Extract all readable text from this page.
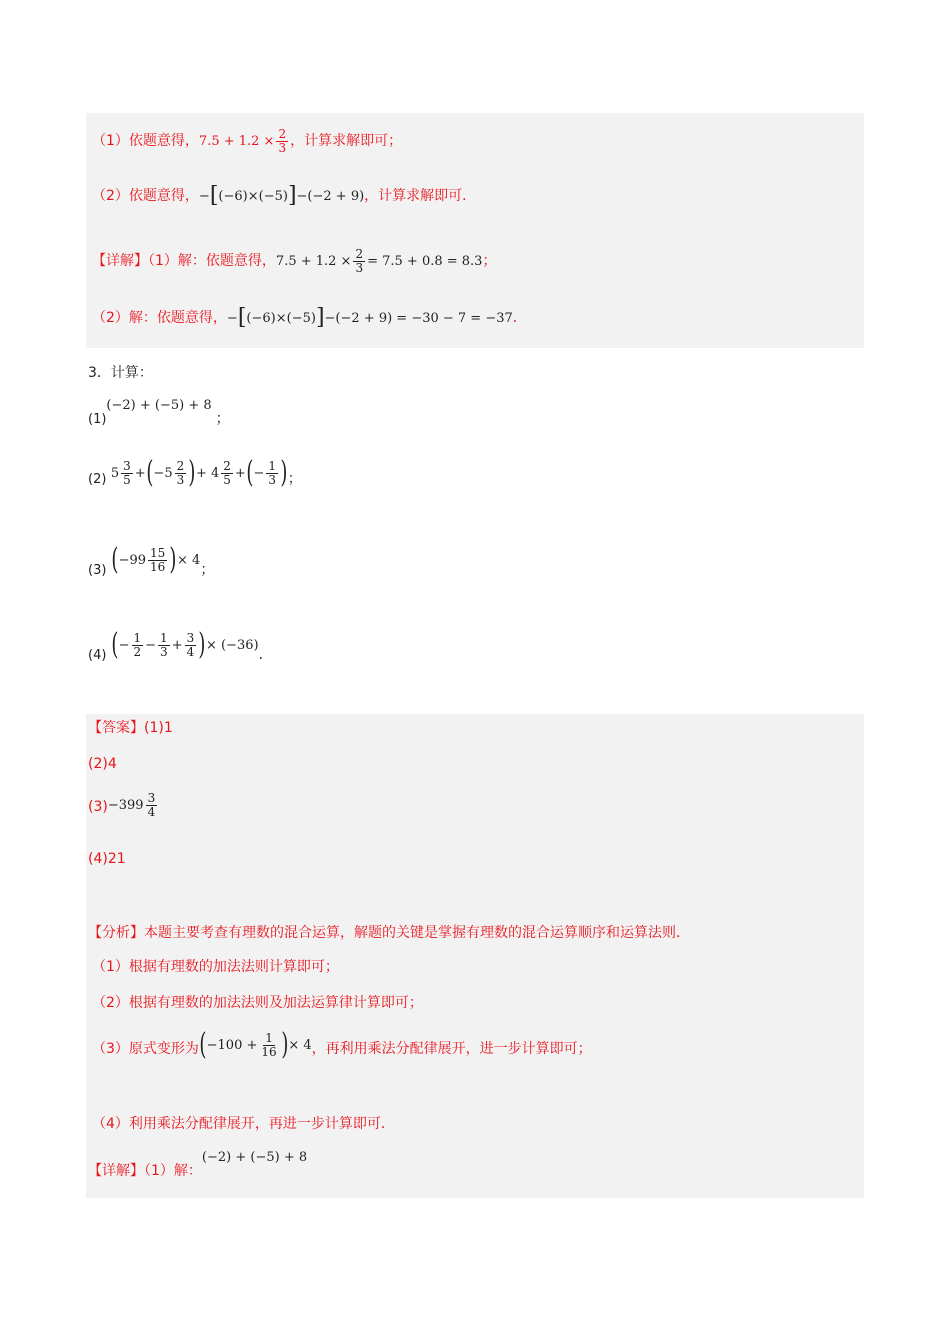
（1）依题意得， $7.5 + 1.2 \times \frac{2}{3}$ ，计算求解即可；
（2）依题意得， − [ (−6)×(−5) ] −(−2 + 9) ，计算求解即可．
【详解】（1）解：依题意得， $7.5 + 1.2 \times \frac{2}{3} = 7.5 + 0.8 = 8.3$ ；
（2）解：依题意得， − [ (−6)×(−5) ] −(−2 + 9) = −30 − 7 = −37 ．
3．计算：
(1)(−2) + (−5) + 8；
(2) $5 \frac{3}{5}$ + ( $-5 \frac{2}{3}$ ) + $4 \frac{2}{5}$ + ( − $\frac{1}{3}$ ) ；
(3) ( $-99 \frac{15}{16}$ ) × 4
；
(4) ( − $\frac{1}{2} - \frac{1}{3} + \frac{3}{4}$ ) × (−36)
．
【答案】(1)1
(2)4
$(3) -399 \frac{3}{4}$
(4)21
【分析】本题主要考查有理数的混合运算，解题的关键是掌握有理数的混合运算顺序和运算法则．
（1）根据有理数的加法法则计算即可；
（2）根据有理数的加法法则及加法运算律计算即可；
（3）原式变形为 ( $-100 + \frac{1}{16}$ ) × 4 ，再利用乘法分配律展开，进一步计算即可；
（4）利用乘法分配律展开，再进一步计算即可．
【详解】（1）解：(−2) + (−5) + 8
